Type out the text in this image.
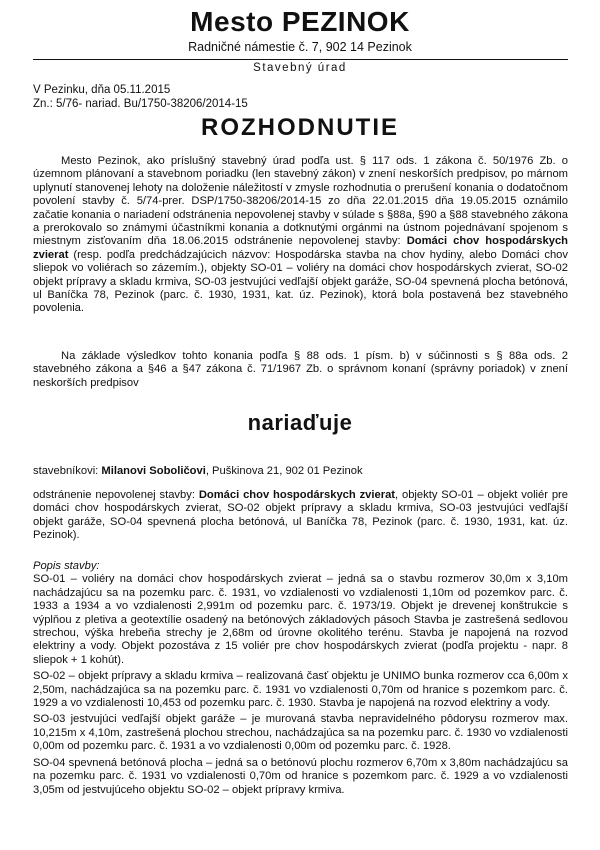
Mesto PEZINOK
Radničné námestie č. 7, 902 14 Pezinok
Stavebný úrad
V Pezinku, dňa 05.11.2015
Zn.: 5/76- nariad. Bu/1750-38206/2014-15
ROZHODNUTIE
Mesto Pezinok, ako príslušný stavebný úrad podľa ust. § 117 ods. 1 zákona č. 50/1976 Zb. o územnom plánovaní a stavebnom poriadku (len stavebný zákon) v znení neskorších predpisov, po márnom uplynutí stanovenej lehoty na doloženie náležitostí v zmysle rozhodnutia o prerušení konania o dodatočnom povolení stavby č. 5/74-prer. DSP/1750-38206/2014-15 zo dňa 22.01.2015 dňa 19.05.2015 oznámilo začatie konania o nariadení odstránenia nepovolenej stavby v súlade s §88a, §90 a §88 stavebného zákona a prerokovalo so známymi účastníkmi konania a dotknutými orgánmi na ústnom pojednávaní spojenom s miestnym zisťovaním dňa 18.06.2015 odstránenie nepovolenej stavby: Domáci chov hospodárskych zvierat (resp. podľa predchádzajúcich názvov: Hospodárska stavba na chov hydiny, alebo Domáci chov sliepok vo voliérach so zázemím.), objekty SO-01 – voliéry na domáci chov hospodárskych zvierat, SO-02 objekt prípravy a skladu krmiva, SO-03 jestvujúci vedľajší objekt garáže, SO-04 spevnená plocha betónová, ul Baníčka 78, Pezinok (parc. č. 1930, 1931, kat. úz. Pezinok), ktorá bola postavená bez stavebného povolenia.
Na základe výsledkov tohto konania podľa § 88 ods. 1 písm. b) v súčinnosti s § 88a ods. 2 stavebného zákona a §46 a §47 zákona č. 71/1967 Zb. o správnom konaní (správny poriadok) v znení neskorších predpisov
nariaďuje
stavebníkovi: Milanovi Soboličovi, Puškinova 21, 902 01 Pezinok
odstránenie nepovolenej stavby: Domáci chov hospodárskych zvierat, objekty SO-01 – objekt voliér pre domáci chov hospodárskych zvierat, SO-02 objekt prípravy a skladu krmiva, SO-03 jestvujúci vedľajší objekt garáže, SO-04 spevnená plocha betónová, ul Baníčka 78, Pezinok (parc. č. 1930, 1931, kat. úz. Pezinok).

Popis stavby:

SO-01 – voliéry na domáci chov hospodárskych zvierat – jedná sa o stavbu rozmerov 30,0m x 3,10m nachádzajúcu sa na pozemku parc. č. 1931, vo vzdialenosti vo vzdialenosti 1,10m od pozemkov parc. č. 1933 a 1934 a vo vzdialenosti 2,991m od pozemku parc. č. 1973/19. Objekt je drevenej konštrukcie s výplňou z pletiva a geotextílie osadený na betónových základových pásoch Stavba je zastrešená sedlovou strechou, výška hrebeňa strechy je 2,68m od úrovne okolitého terénu. Stavba je napojená na rozvod elektriny a vody. Objekt pozostáva z 15 voliér pre chov hospodárskych zvierat (podľa projektu - napr. 8 sliepok + 1 kohút).

SO-02 – objekt prípravy a skladu krmiva – realizovaná časť objektu je UNIMO bunka rozmerov cca 6,00m x 2,50m, nachádzajúca sa na pozemku parc. č. 1931 vo vzdialenosti 0,70m od hranice s pozemkom parc. č. 1929 a vo vzdialenosti 10,453 od pozemku parc. č. 1930. Stavba je napojená na rozvod elektriny a vody.

SO-03 jestvujúci vedľajší objekt garáže – je murovaná stavba nepravidelného pôdorysu rozmerov max. 10,215m x 4,10m, zastrešená plochou strechou, nachádzajúca sa na pozemku parc. č. 1930 vo vzdialenosti 0,00m od pozemku parc. č. 1931 a vo vzdialenosti 0,00m od pozemku parc. č. 1928.

SO-04 spevnená betónová plocha – jedná sa o betónovú plochu rozmerov 6,70m x 3,80m nachádzajúcu sa na pozemku parc. č. 1931 vo vzdialenosti 0,70m od hranice s pozemkom parc. č. 1929 a vo vzdialenosti 3,05m od jestvujúceho objektu SO-02 – objekt prípravy krmiva.
